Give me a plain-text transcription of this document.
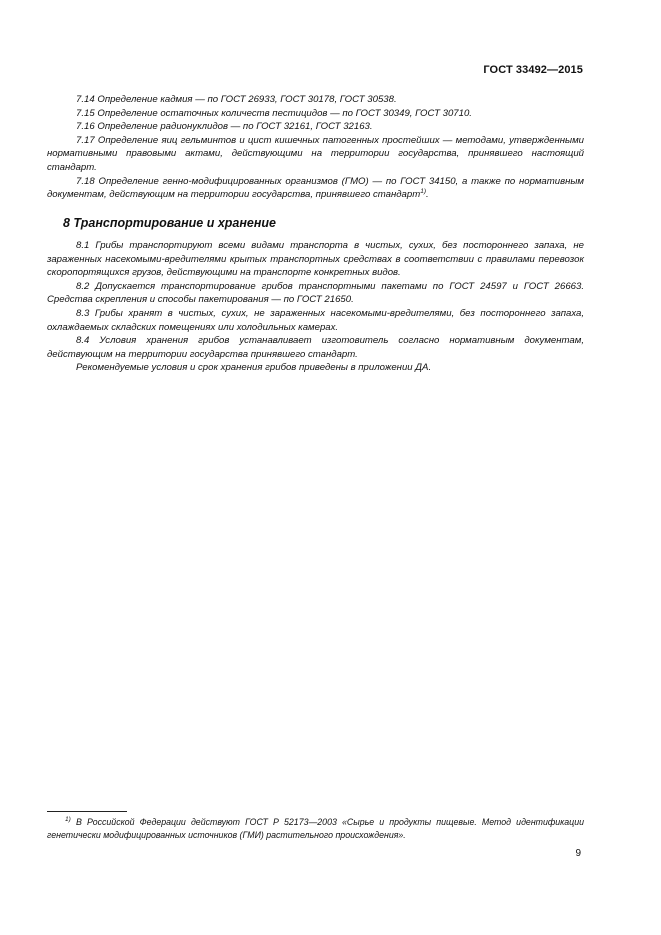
ГОСТ 33492—2015

7.14 Определение кадмия — по ГОСТ 26933, ГОСТ 30178, ГОСТ 30538.

7.15 Определение остаточных количеств пестицидов — по ГОСТ 30349, ГОСТ 30710.

7.16 Определение радионуклидов — по ГОСТ 32161, ГОСТ 32163.

7.17 Определение яиц гельминтов и цист кишечных патогенных простейших — методами, утвержденными нормативными правовыми актами, действующими на территории государства, принявшего настоящий стандарт.

7.18 Определение генно-модифицированных организмов (ГМО) — по ГОСТ 34150, а также по нормативным документам, действующим на территории государства, принявшего стандарт$^{1)}$.

8 Транспортирование и хранение

8.1 Грибы транспортируют всеми видами транспорта в чистых, сухих, без постороннего запаха, не зараженных насекомыми-вредителями крытых транспортных средствах в соответствии с правилами перевозок скоропортящихся грузов, действующими на транспорте конкретных видов.

8.2 Допускается транспортирование грибов транспортными пакетами по ГОСТ 24597 и ГОСТ 26663. Средства скрепления и способы пакетирования — по ГОСТ 21650.

8.3 Грибы хранят в чистых, сухих, не зараженных насекомыми-вредителями, без постороннего запаха, охлаждаемых складских помещениях или холодильных камерах.

8.4 Условия хранения грибов устанавливает изготовитель согласно нормативным документам, действующим на территории государства принявшего стандарт.

Рекомендуемые условия и срок хранения грибов приведены в приложении ДА.

$^{1)}$ В Российской Федерации действуют ГОСТ Р 52173—2003 «Сырье и продукты пищевые. Метод идентификации генетически модифицированных источников (ГМИ) растительного происхождения».

9
